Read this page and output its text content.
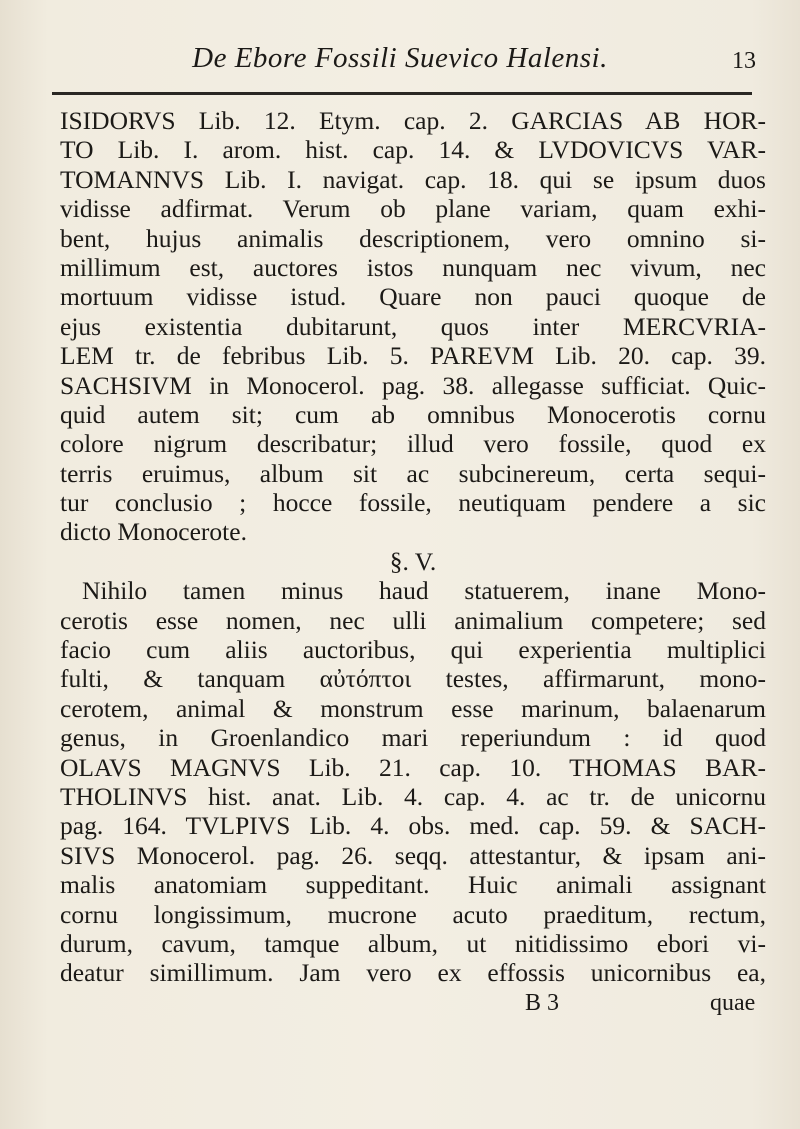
De Ebore Fossili Suevico Halensi.	13
ISIDORVS Lib. 12. Etym. cap. 2. GARCIAS AB HOR-
TO Lib. I. arom. hist. cap. 14. & LVDOVICVS VAR-
TOMANNVS Lib. I. navigat. cap. 18. qui se ipsum duos
vidisse adfirmat. Verum ob plane variam, quam exhi-
bent, hujus animalis descriptionem, vero omnino si-
millimum est, auctores istos nunquam nec vivum, nec
mortuum vidisse istud. Quare non pauci quoque de
ejus existentia dubitarunt, quos inter MERCVRIA-
LEM tr. de febribus Lib. 5. PAREVM Lib. 20. cap. 39.
SACHSIVM in Monocerol. pag. 38. allegasse sufficiat. Quic-
quid autem sit; cum ab omnibus Monocerotis cornu
colore nigrum describatur; illud vero fossile, quod ex
terris eruimus, album sit ac subcinereum, certa sequi-
tur conclusio ; hocce fossile, neutiquam pendere a sic
dicto Monocerote.
§. V.
Nihilo tamen minus haud statuerem, inane Mono-
cerotis esse nomen, nec ulli animalium competere; sed
facio cum aliis auctoribus, qui experientia multiplici
fulti, & tanquam αὐτόπτοι testes, affirmarunt, mono-
cerotem, animal & monstrum esse marinum, balaenarum
genus, in Groenlandico mari reperiundum : id quod
OLAVS MAGNVS Lib. 21. cap. 10. THOMAS BAR-
THOLINVS hist. anat. Lib. 4. cap. 4. ac tr. de unicornu
pag. 164. TVLPIVS Lib. 4. obs. med. cap. 59. & SACH-
SIVS Monocerol. pag. 26. seqq. attestantur, & ipsam ani-
malis anatomiam suppeditant. Huic animali assignant
cornu longissimum, mucrone acuto praeditum, rectum,
durum, cavum, tamque album, ut nitidissimo ebori vi-
deatur simillimum. Jam vero ex effossis unicornibus ea,
B 3	quae
